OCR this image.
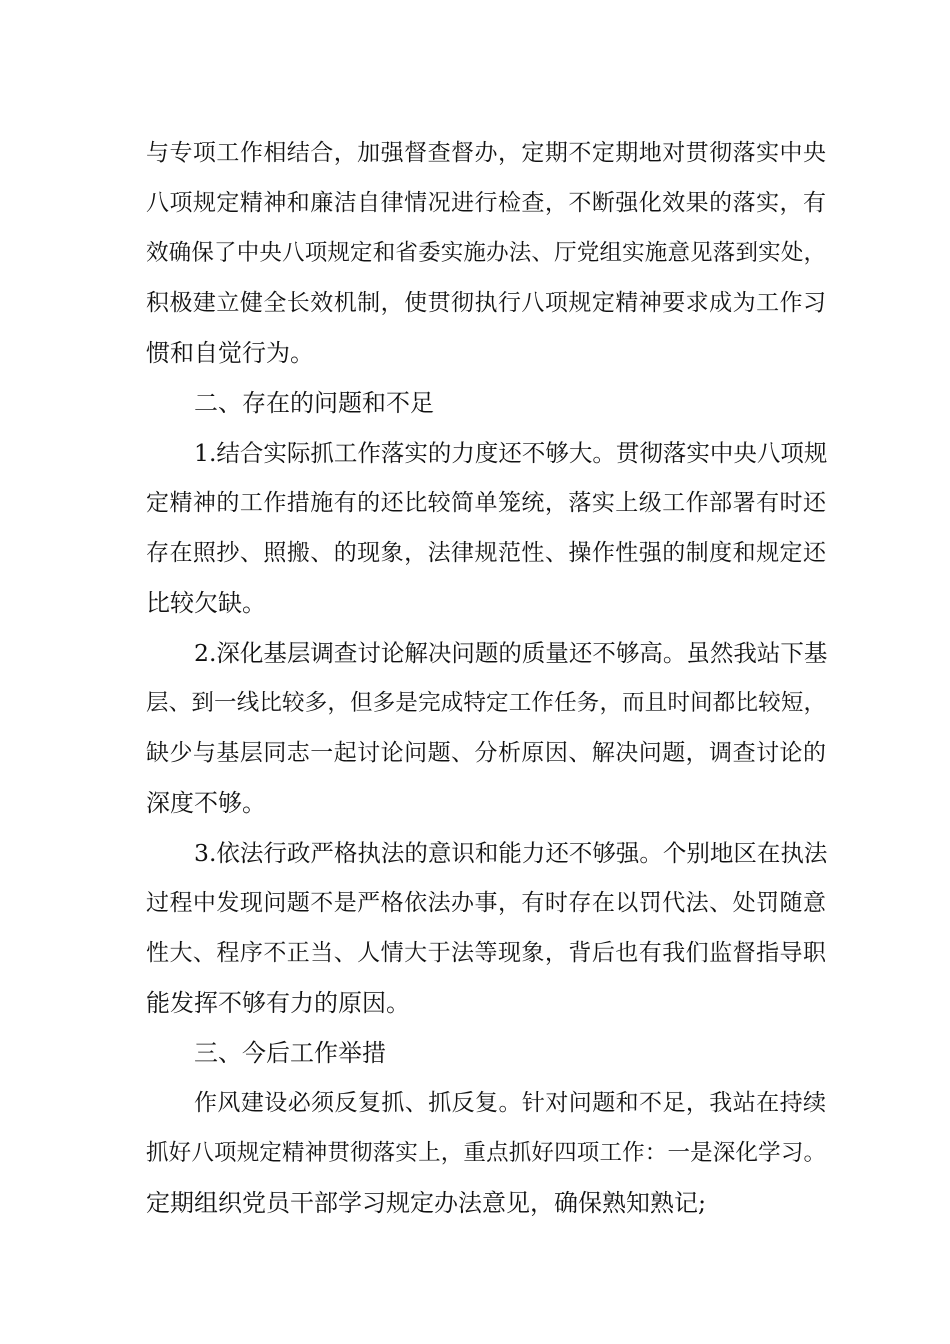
与专项工作相结合，加强督查督办，定期不定期地对贯彻落实中央
八项规定精神和廉洁自律情况进行检查，不断强化效果的落实，有
效确保了中央八项规定和省委实施办法、厅党组实施意见落到实处，
积极建立健全长效机制，使贯彻执行八项规定精神要求成为工作习
惯和自觉行为。
二、存在的问题和不足
1.结合实际抓工作落实的力度还不够大。贯彻落实中央八项规
定精神的工作措施有的还比较简单笼统，落实上级工作部署有时还
存在照抄、照搬、的现象，法律规范性、操作性强的制度和规定还
比较欠缺。
2.深化基层调查讨论解决问题的质量还不够高。虽然我站下基
层、到一线比较多，但多是完成特定工作任务，而且时间都比较短，
缺少与基层同志一起讨论问题、分析原因、解决问题，调查讨论的
深度不够。
3.依法行政严格执法的意识和能力还不够强。个别地区在执法
过程中发现问题不是严格依法办事，有时存在以罚代法、处罚随意
性大、程序不正当、人情大于法等现象，背后也有我们监督指导职
能发挥不够有力的原因。
三、今后工作举措
作风建设必须反复抓、抓反复。针对问题和不足，我站在持续
抓好八项规定精神贯彻落实上，重点抓好四项工作：一是深化学习。
定期组织党员干部学习规定办法意见，确保熟知熟记;
